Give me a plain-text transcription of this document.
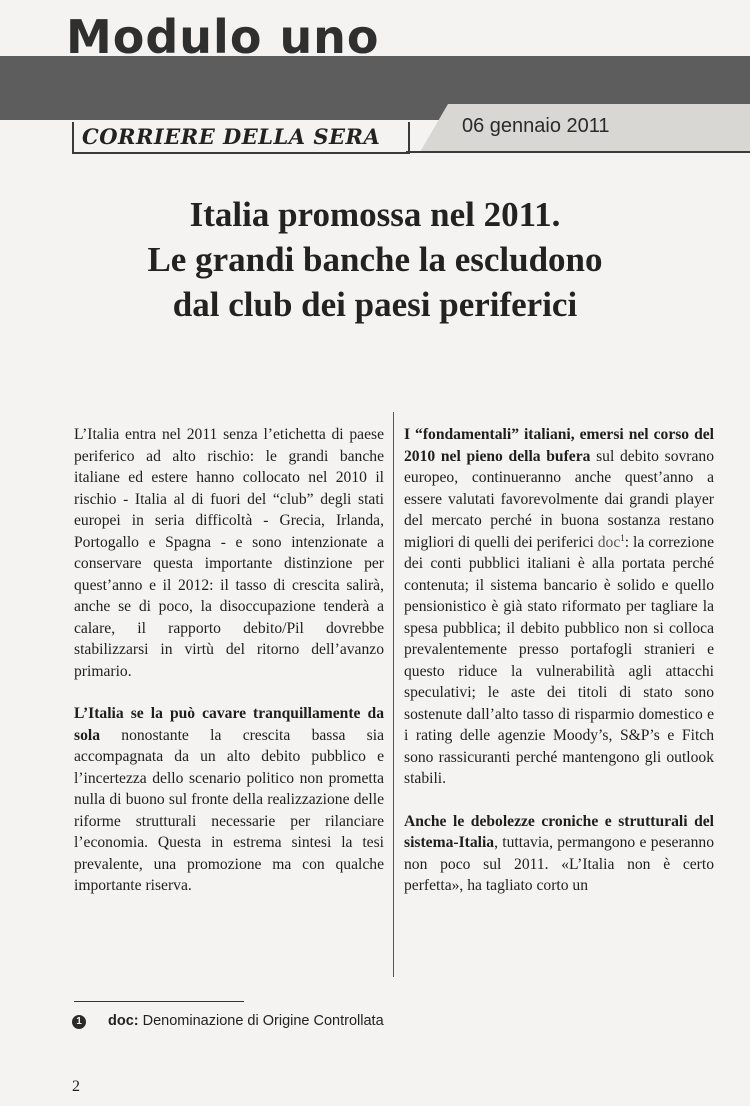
Modulo uno
06 gennaio 2011
CORRIERE DELLA SERA
Italia promossa nel 2011.
Le grandi banche la escludono
dal club dei paesi periferici

L’Italia entra nel 2011 senza l’etichetta di paese periferico ad alto rischio: le grandi banche italiane ed estere hanno collocato nel 2010 il rischio - Italia al di fuori del “club” degli stati europei in seria difficoltà - Grecia, Irlanda, Portogallo e Spagna - e sono intenzionate a conservare questa importante distinzione per quest’anno e il 2012: il tasso di crescita salirà, anche se di poco, la disoccupazione tenderà a calare, il rapporto debito/Pil dovrebbe stabilizzarsi in virtù del ritorno dell’avanzo primario.

L’Italia se la può cavare tranquillamente da sola nonostante la crescita bassa sia accompagnata da un alto debito pubblico e l’incertezza dello scenario politico non prometta nulla di buono sul fronte della realizzazione delle riforme strutturali necessarie per rilanciare l’economia. Questa in estrema sintesi la tesi prevalente, una promozione ma con qualche importante riserva.

I “fondamentali” italiani, emersi nel corso del 2010 nel pieno della bufera sul debito sovrano europeo, continueranno anche quest’anno a essere valutati favorevolmente dai grandi player del mercato perché in buona sostanza restano migliori di quelli dei periferici doc$^1$: la correzione dei conti pubblici italiani è alla portata perché contenuta; il sistema bancario è solido e quello pensionistico è già stato riformato per tagliare la spesa pubblica; il debito pubblico non si colloca prevalentemente presso portafogli stranieri e questo riduce la vulnerabilità agli attacchi speculativi; le aste dei titoli di stato sono sostenute dall’alto tasso di risparmio domestico e i rating delle agenzie Moody’s, S&P’s e Fitch sono rassicuranti perché mantengono gli outlook stabili.

Anche le debolezze croniche e strutturali del sistema-Italia, tuttavia, permangono e peseranno non poco sul 2011. «L’Italia non è certo perfetta», ha tagliato corto un

1 doc: Denominazione di Origine Controllata
2
